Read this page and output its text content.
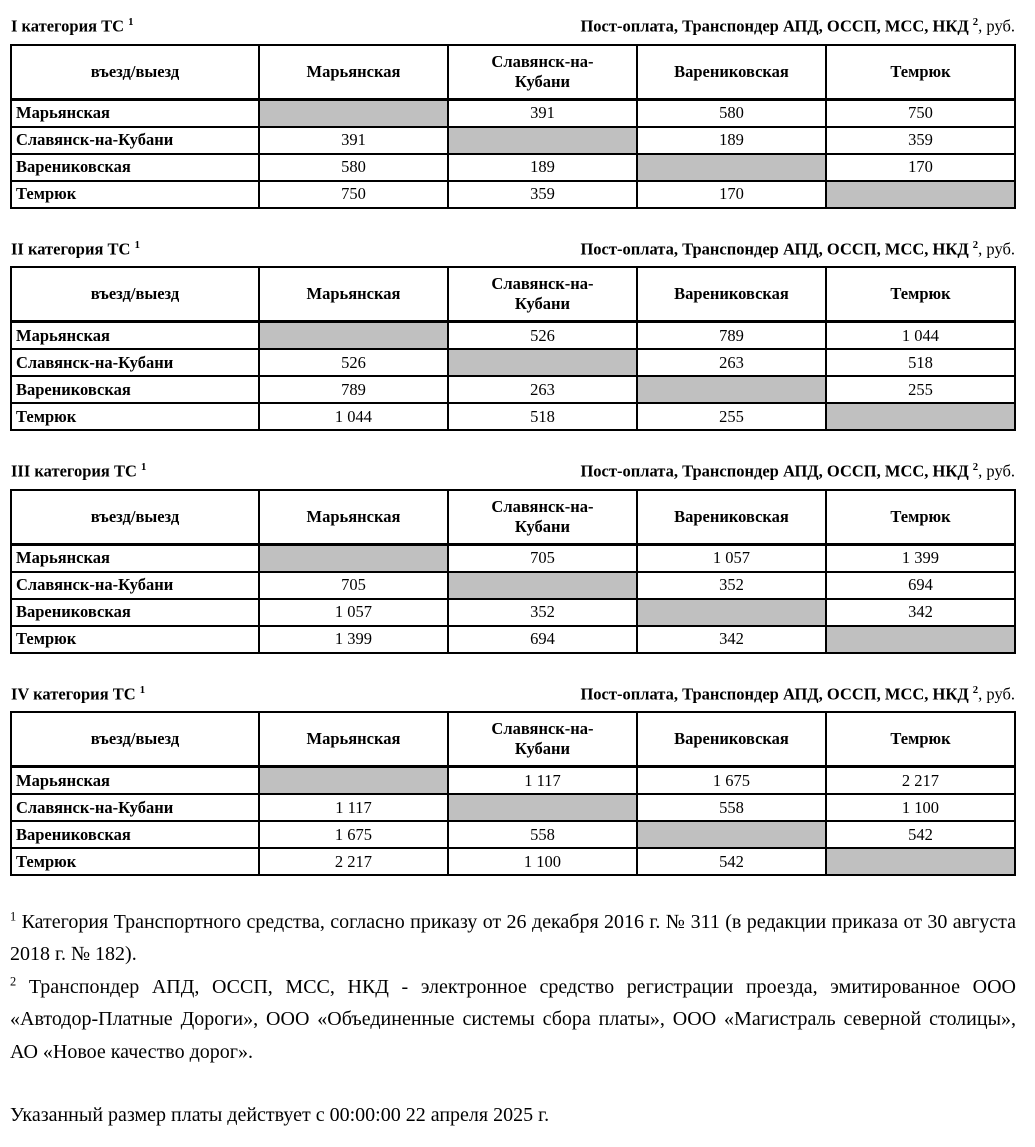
I категория ТС $^1$	Пост-оплата, Транспондер АПД, ОССП, МСС, НКД $^2$, руб.
въезд/выезд	Марьянская	Славянск-на-Кубани	Варениковская	Темрюк
Марьянская		391	580	750
Славянск-на-Кубани	391		189	359
Варениковская	580	189		170
Темрюк	750	359	170	
II категория ТС $^1$	Пост-оплата, Транспондер АПД, ОССП, МСС, НКД $^2$, руб.
въезд/выезд	Марьянская	Славянск-на-Кубани	Варениковская	Темрюк
Марьянская		526	789	1 044
Славянск-на-Кубани	526		263	518
Варениковская	789	263		255
Темрюк	1 044	518	255	
III категория ТС $^1$	Пост-оплата, Транспондер АПД, ОССП, МСС, НКД $^2$, руб.
въезд/выезд	Марьянская	Славянск-на-Кубани	Варениковская	Темрюк
Марьянская		705	1 057	1 399
Славянск-на-Кубани	705		352	694
Варениковская	1 057	352		342
Темрюк	1 399	694	342	
IV категория ТС $^1$	Пост-оплата, Транспондер АПД, ОССП, МСС, НКД $^2$, руб.
въезд/выезд	Марьянская	Славянск-на-Кубани	Варениковская	Темрюк
Марьянская		1 117	1 675	2 217
Славянск-на-Кубани	1 117		558	1 100
Варениковская	1 675	558		542
Темрюк	2 217	1 100	542	

$^1$ Категория Транспортного средства, согласно приказу от 26 декабря 2016 г. № 311 (в редакции приказа от 30 августа 2018 г. № 182).

$^2$ Транспондер АПД, ОССП, МСС, НКД - электронное средство регистрации проезда, эмитированное ООО «Автодор-Платные Дороги», ООО «Объединенные системы сбора платы», ООО «Магистраль северной столицы», АО «Новое качество дорог».

Указанный размер платы действует с 00:00:00 22 апреля 2025 г.
